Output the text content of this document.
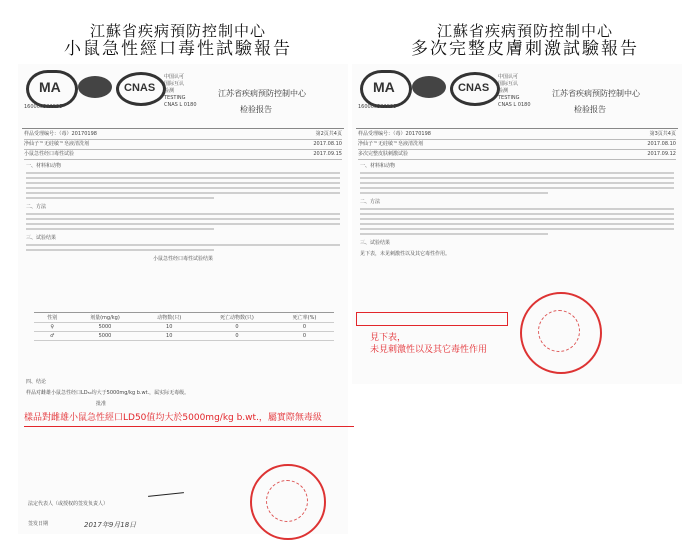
江蘇省疾病預防控制中心
小鼠急性經口毒性試驗報告
江蘇省疾病預防控制中心
多次完整皮膚刺激試驗報告
MA	CNAS
中国认可
国际互认
检测
TESTING
CNAS L 0180
160000582866
江苏省疾病预防控制中心
检验报告
样品受理编号：（毒）20170198	第2页共4页
净仙子™无硅敏™皂液清洗剂	2017.08.10
小鼠急性经口毒性试验	2017.09.15
一、材料和动物
二、方法
三、试验结果
小鼠急性经口毒性试验结果
性别	剂量(mg/kg)	动物数(只)	死亡动物数(只)	死亡率(%)
♀	5000	10	0	0
♂	5000	10	0	0
四、结论
样品对雌雄小鼠急性经口LD₅₀均大于5000mg/kg b.wt.，属实际无毒级。
批准
法定代表人（或授权的签发负责人）
签发日期	2017年9月18日
MA	CNAS
中国认可
国际互认
检测
TESTING
CNAS L 0180
160000582866
江苏省疾病预防控制中心
检验报告
样品受理编号：（毒）20170198	第3页共4页
净仙子™无硅敏™皂液清洗剂	2017.08.10
多次完整皮肤刺激试验	2017.09.12
一、材料和动物
二、方法
三、试验结果
见下表，未见刺激性以及其它毒性作用。
樣品對雌雄小鼠急性經口LD50值均大於5000mg/kg b.wt.，屬實際無毒級
見下表，
未見刺激性以及其它毒性作用
